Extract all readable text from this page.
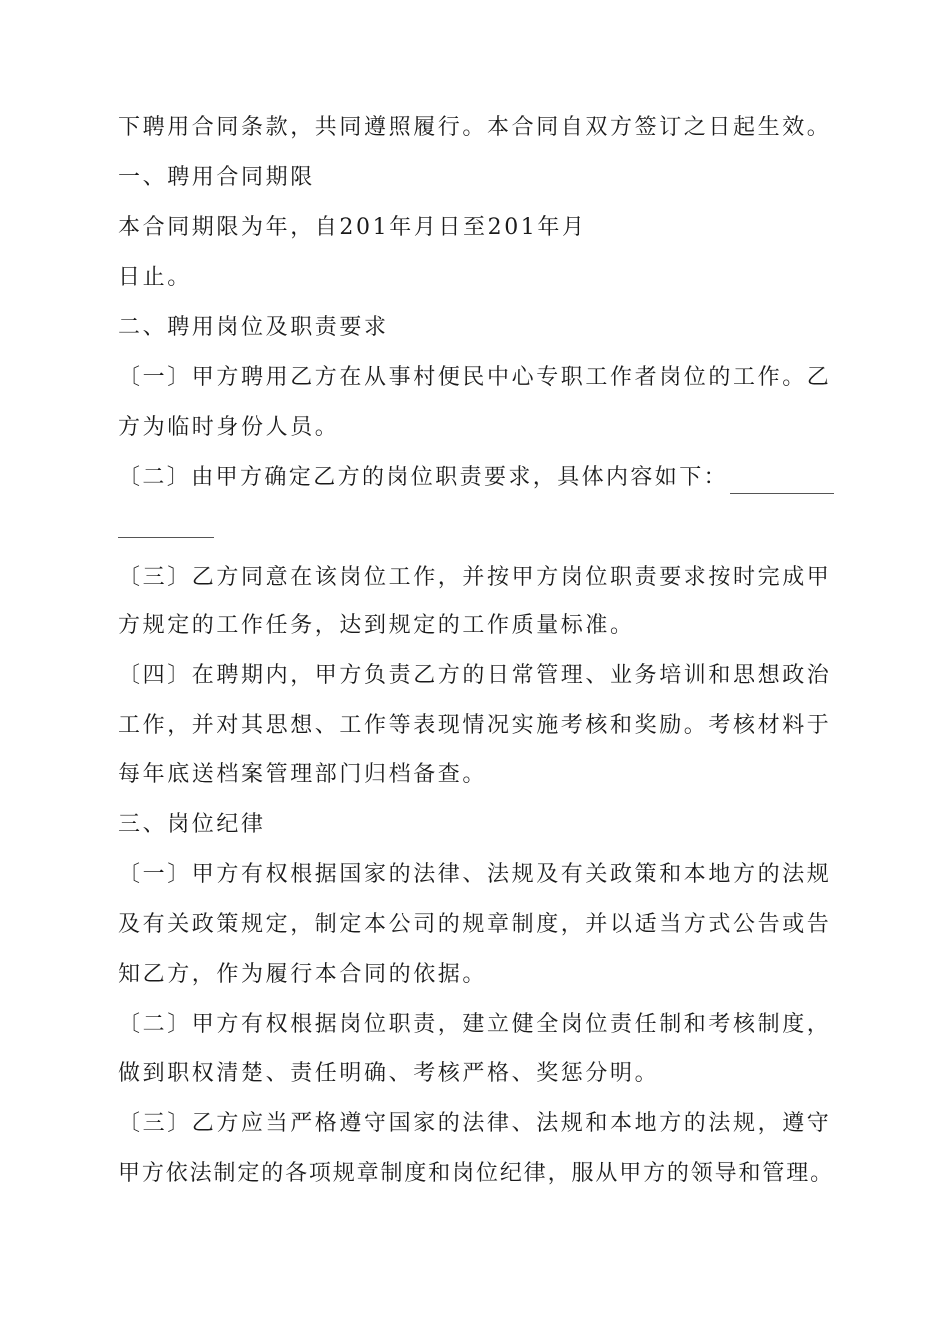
下聘用合同条款，共同遵照履行。本合同自双方签订之日起生效。
一、聘用合同期限
本合同期限为年，自201年月日至201年月
日止。
二、聘用岗位及职责要求
〔一〕甲方聘用乙方在从事村便民中心专职工作者岗位的工作。乙
方为临时身份人员。
〔二〕由甲方确定乙方的岗位职责要求，具体内容如下：
〔三〕乙方同意在该岗位工作，并按甲方岗位职责要求按时完成甲
方规定的工作任务，达到规定的工作质量标准。
〔四〕在聘期内，甲方负责乙方的日常管理、业务培训和思想政治
工作，并对其思想、工作等表现情况实施考核和奖励。考核材料于
每年底送档案管理部门归档备查。
三、岗位纪律
〔一〕甲方有权根据国家的法律、法规及有关政策和本地方的法规
及有关政策规定，制定本公司的规章制度，并以适当方式公告或告
知乙方，作为履行本合同的依据。
〔二〕甲方有权根据岗位职责，建立健全岗位责任制和考核制度，
做到职权清楚、责任明确、考核严格、奖惩分明。
〔三〕乙方应当严格遵守国家的法律、法规和本地方的法规，遵守
甲方依法制定的各项规章制度和岗位纪律，服从甲方的领导和管理。
